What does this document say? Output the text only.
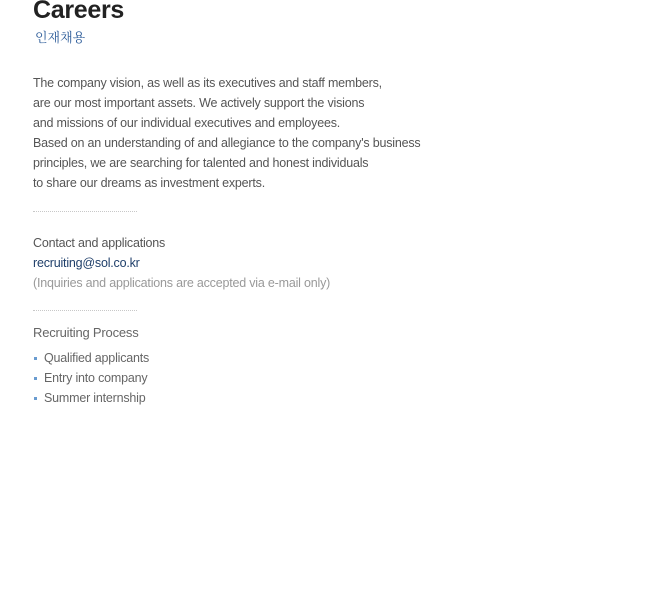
Careers
인재채용
The company vision, as well as its executives and staff members,
are our most important assets. We actively support the visions
and missions of our individual executives and employees.
Based on an understanding of and allegiance to the company's business
principles, we are searching for talented and honest individuals
to share our dreams as investment experts.
Contact and applications
recruiting@sol.co.kr
(Inquiries and applications are accepted via e-mail only)
Recruiting Process
Qualified applicants
Entry into company
Summer internship
